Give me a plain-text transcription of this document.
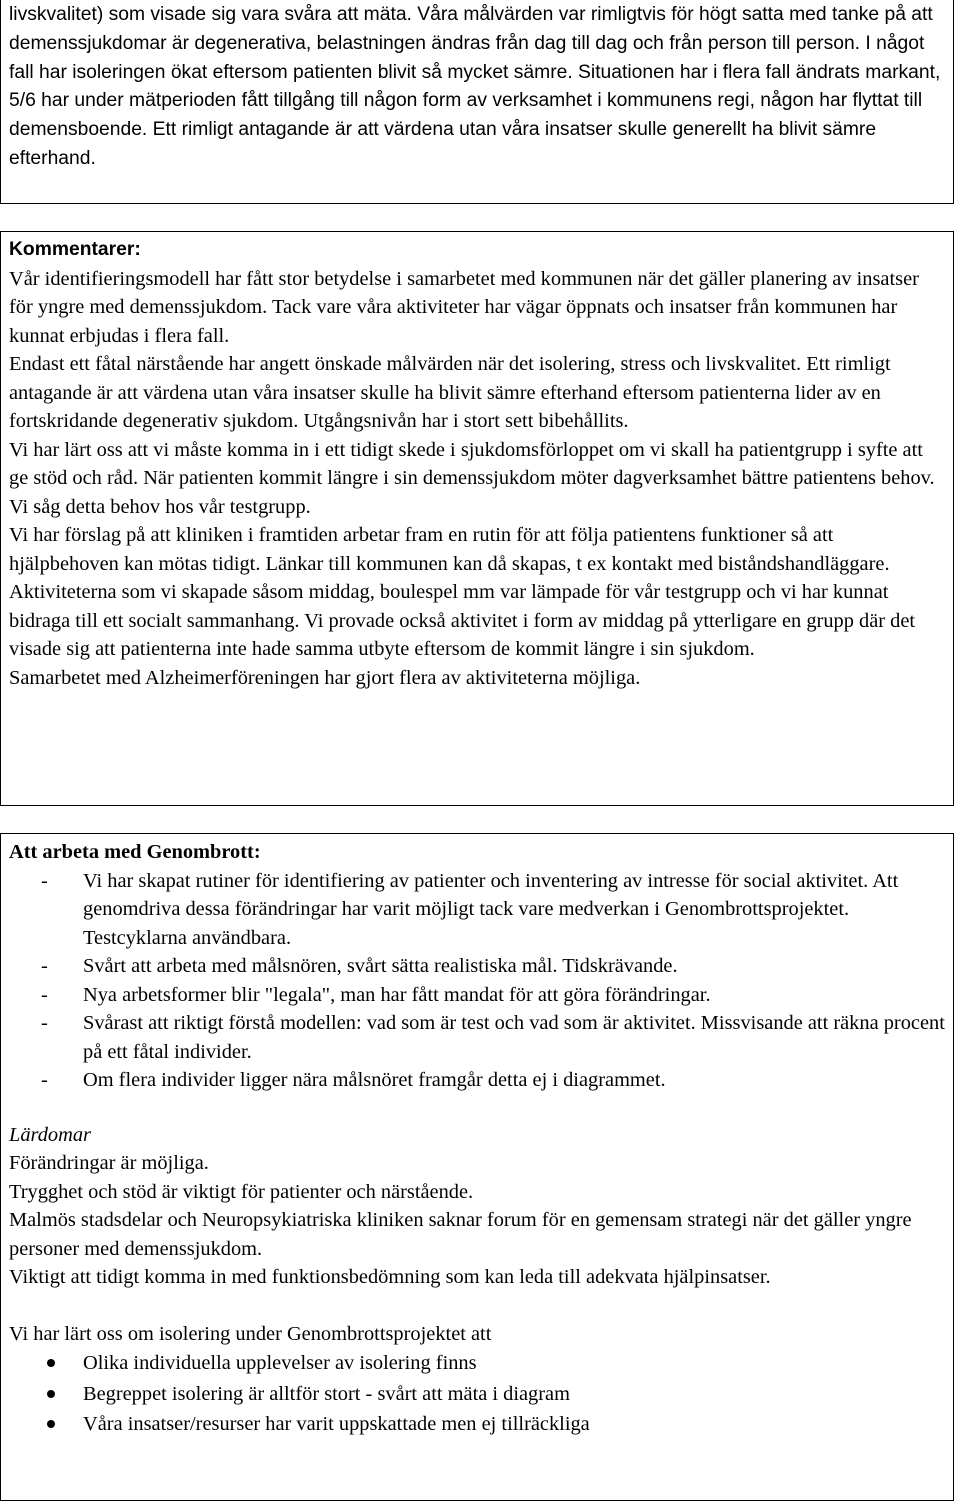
livskvalitet) som visade sig vara svåra att mäta. Våra målvärden var rimligtvis för högt satta med tanke på att demenssjukdomar är degenerativa, belastningen ändras från dag till dag och från person till person. I något fall har isoleringen ökat eftersom patienten blivit så mycket sämre. Situationen har i flera fall ändrats markant, 5/6 har under mätperioden fått tillgång till någon form av verksamhet i kommunens regi, någon har flyttat till demensboende. Ett rimligt antagande är att värdena utan våra insatser skulle generellt ha blivit sämre efterhand.

Kommentarer:

Vår identifieringsmodell har fått stor betydelse i samarbetet med kommunen när det gäller planering av insatser för yngre med demenssjukdom. Tack vare våra aktiviteter har vägar öppnats och insatser från kommunen har kunnat erbjudas i flera fall.

Endast ett fåtal närstående har angett önskade målvärden när det isolering, stress och livskvalitet. Ett rimligt antagande är att värdena utan våra insatser skulle ha blivit sämre efterhand eftersom patienterna lider av en fortskridande degenerativ sjukdom. Utgångsnivån har i stort sett bibehållits.

Vi har lärt oss att vi måste komma in i ett tidigt skede i sjukdomsförloppet om vi skall ha patientgrupp i syfte att ge stöd och råd. När patienten kommit längre i sin demenssjukdom möter dagverksamhet bättre patientens behov. Vi såg detta behov hos vår testgrupp.

Vi har förslag på att kliniken i framtiden arbetar fram en rutin för att följa patientens funktioner så att hjälpbehoven kan mötas tidigt. Länkar till kommunen kan då skapas, t ex kontakt med biståndshandläggare.

Aktiviteterna som vi skapade såsom middag, boulespel mm var lämpade för vår testgrupp och vi har kunnat bidraga till ett socialt sammanhang. Vi provade också aktivitet i form av middag på ytterligare en grupp där det visade sig att patienterna inte hade samma utbyte eftersom de kommit längre i sin sjukdom.

Samarbetet med Alzheimerföreningen har gjort flera av aktiviteterna möjliga.

Att arbeta med Genombrott:

- Vi har skapat rutiner för identifiering av patienter och inventering av intresse för social aktivitet. Att genomdriva dessa förändringar har varit möjligt tack vare medverkan i Genombrottsprojektet. Testcyklarna användbara.
- Svårt att arbeta med målsnören, svårt sätta realistiska mål. Tidskrävande.
- Nya arbetsformer blir "legala", man har fått mandat för att göra förändringar.
- Svårast att riktigt förstå modellen: vad som är test och vad som är aktivitet. Missvisande att räkna procent på ett fåtal individer.
- Om flera individer ligger nära målsnöret framgår detta ej i diagrammet.

Lärdomar

Förändringar är möjliga.

Trygghet och stöd är viktigt för patienter och närstående.

Malmös stadsdelar och Neuropsykiatriska kliniken saknar forum för en gemensam strategi när det gäller yngre personer med demenssjukdom.

Viktigt att tidigt komma in med funktionsbedömning som kan leda till adekvata hjälpinsatser.

Vi har lärt oss om isolering under Genombrottsprojektet att

Olika individuella upplevelser av isolering finns
Begreppet isolering är alltför stort - svårt att mäta i diagram
Våra insatser/resurser har varit uppskattade men ej tillräckliga
